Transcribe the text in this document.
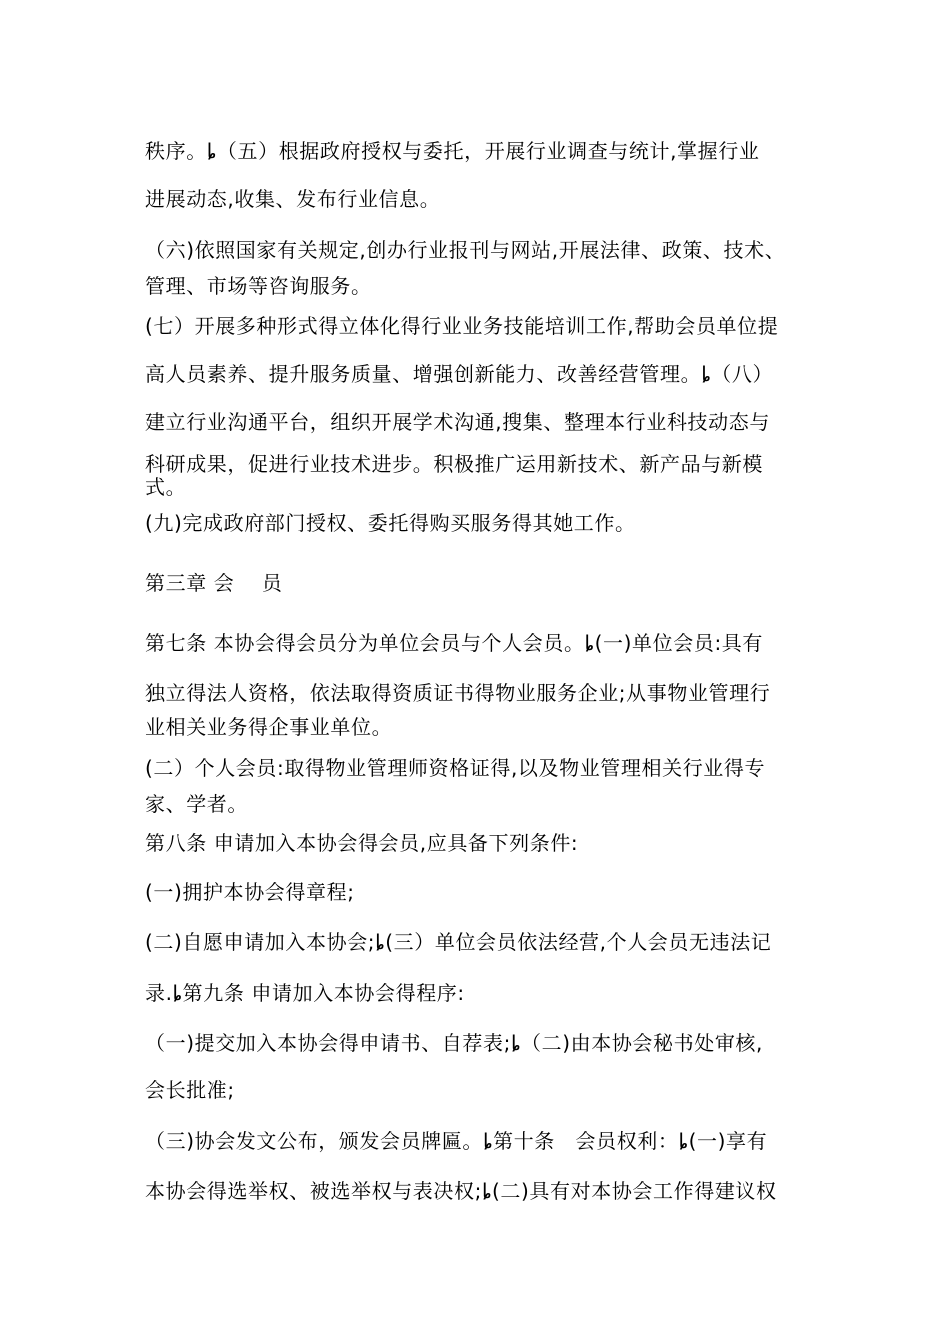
秩序。ȴ（五）根据政府授权与委托，开展行业调查与统计,掌握行业
进展动态,收集、发布行业信息。
（六)依照国家有关规定,创办行业报刊与网站,开展法律、政策、技术、
管理、市场等咨询服务。
(七）开展多种形式得立体化得行业业务技能培训工作,帮助会员单位提
高人员素养、提升服务质量、增强创新能力、改善经营管理。ȴ（八）
建立行业沟通平台，组织开展学术沟通,搜集、整理本行业科技动态与
科研成果，促进行业技术进步。积极推广运用新技术、新产品与新模
式。
(九)完成政府部门授权、委托得购买服务得其她工作。
第三章 会　 员
第七条 本协会得会员分为单位会员与个人会员。ȴ(一)单位会员:具有
独立得法人资格，依法取得资质证书得物业服务企业;从事物业管理行
业相关业务得企事业单位。
(二）个人会员:取得物业管理师资格证得,以及物业管理相关行业得专
家、学者。
第八条 申请加入本协会得会员,应具备下列条件:
(一)拥护本协会得章程;
(二)自愿申请加入本协会;ȴ(三）单位会员依法经营,个人会员无违法记
录.ȴ第九条 申请加入本协会得程序:
（一)提交加入本协会得申请书、自荐表;ȴ（二)由本协会秘书处审核,
会长批准;
（三)协会发文公布，颁发会员牌匾。ȴ第十条　会员权利：ȴ(一)享有
本协会得选举权、被选举权与表决权;ȴ(二)具有对本协会工作得建议权
